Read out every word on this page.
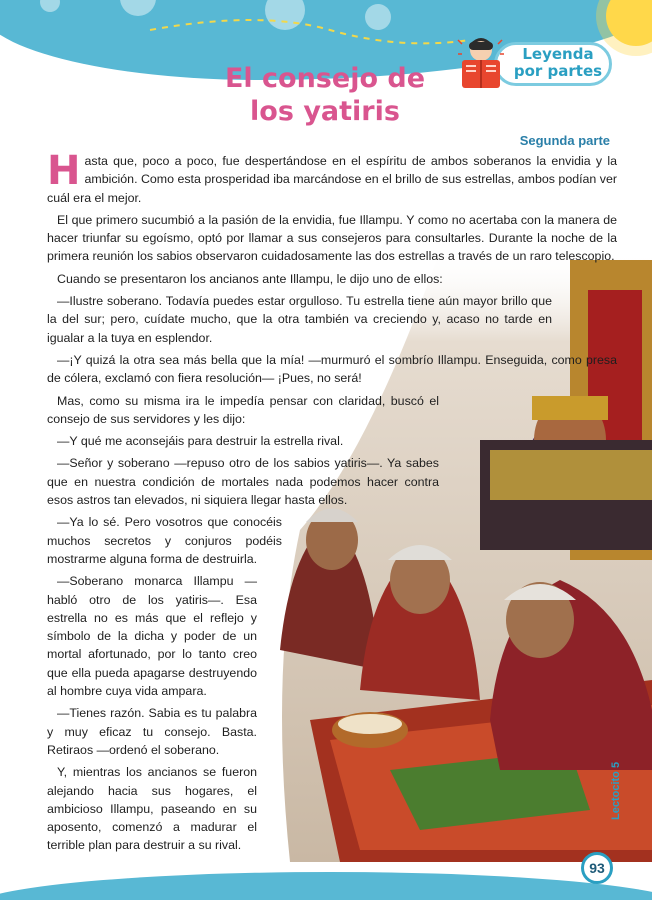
Leyenda
por partes
El consejo de
los yatiris
Segunda parte

Hasta que, poco a poco, fue despertándose en el espíritu de ambos soberanos la envidia y la ambición. Como esta prosperidad iba marcándose en el brillo de sus estrellas, ambos podían ver cuál era el mejor.

El que primero sucumbió a la pasión de la envidia, fue Illampu. Y como no acertaba con la manera de hacer triunfar su egoísmo, optó por llamar a sus consejeros para consultarles. Durante la noche de la primera reunión los sabios observaron cuidadosamente las dos estrellas a través de un raro telescopio.

Cuando se presentaron los ancianos ante Illampu, le dijo uno de ellos:

—Ilustre soberano. Todavía puedes estar orgulloso. Tu estrella tiene aún mayor brillo que la del sur; pero, cuídate mucho, que la otra también va creciendo y, acaso no tarde en igualar a la tuya en esplendor.

—¡Y quizá la otra sea más bella que la mía! —murmuró el sombrío Illampu. Enseguida, como presa de cólera, exclamó con fiera resolución— ¡Pues, no será!

Mas, como su misma ira le impedía pensar con claridad, buscó el consejo de sus servidores y les dijo:

—Y qué me aconsejáis para destruir la estrella rival.

—Señor y soberano —repuso otro de los sabios yatiris—. Ya sabes que en nuestra condición de mortales nada podemos hacer contra esos astros tan elevados, ni siquiera llegar hasta ellos.

—Ya lo sé. Pero vosotros que conocéis muchos secretos y conjuros podéis mostrarme alguna forma de destruirla.

—Soberano monarca Illampu —habló otro de los yatiris—. Esa estrella no es más que el reflejo y símbolo de la dicha y poder de un mortal afortunado, por lo tanto creo que ella pueda apagarse destruyendo al hombre cuya vida ampara.

—Tienes razón. Sabia es tu palabra y muy eficaz tu consejo. Basta. Retiraos —ordenó el soberano.

Y, mientras los ancianos se fueron alejando hacia sus hogares, el ambicioso Illampu, paseando en su aposento, comenzó a madurar el terrible plan para destruir a su rival.

93
Lectocito 5
